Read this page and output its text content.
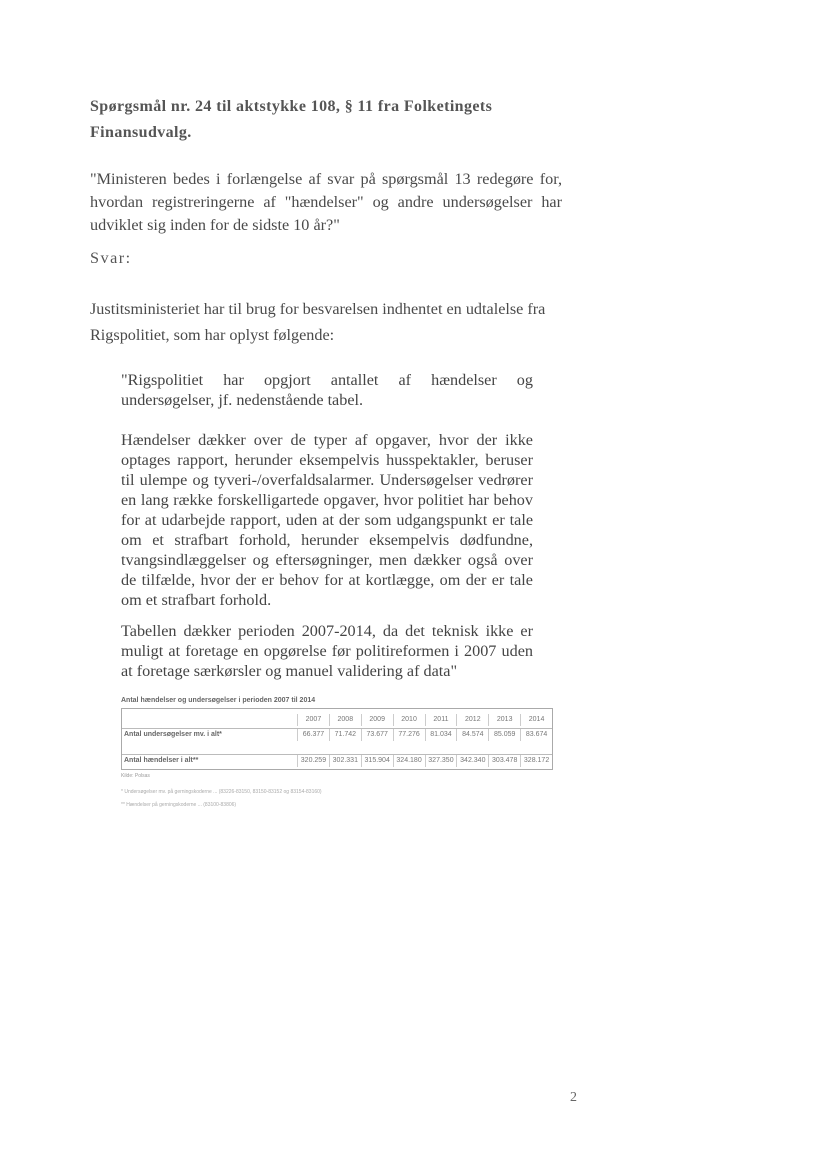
Spørgsmål nr. 24 til aktstykke 108, § 11 fra Folketingets Finansudvalg.
"Ministeren bedes i forlængelse af svar på spørgsmål 13 redegøre for, hvordan registreringerne af "hændelser" og andre undersøgelser har udviklet sig inden for de sidste 10 år?"
Svar:
Justitsministeriet har til brug for besvarelsen indhentet en udtalelse fra Rigspolitiet, som har oplyst følgende:
"Rigspolitiet har opgjort antallet af hændelser og undersøgelser, jf. nedenstående tabel.
Hændelser dækker over de typer af opgaver, hvor der ikke optages rapport, herunder eksempelvis husspektakler, beruser til ulempe og tyveri-/overfaldsalarmer. Undersøgelser vedrører en lang række forskelligartede opgaver, hvor politiet har behov for at udarbejde rapport, uden at der som udgangspunkt er tale om et strafbart forhold, herunder eksempelvis dødfundne, tvangsindlæggelser og eftersøgninger, men dækker også over de tilfælde, hvor der er behov for at kortlægge, om der er tale om et strafbart forhold.
Tabellen dækker perioden 2007-2014, da det teknisk ikke er muligt at foretage en opgørelse før politireformen i 2007 uden at foretage særkørsler og manuel validering af data"
Antal hændelser og undersøgelser i perioden 2007 til 2014
2007	2008	2009	2010	2011	2012	2013	2014
Antal undersøgelser mv. i alt*	66.377	71.742	73.677	77.276	81.034	84.574	85.059	83.674
Antal hændelser i alt**	320.259 302.331 315.904 324.180 327.350 342.340 303.478 328.172
Kilde: Polsas
* Undersøgelser mv. på gerningskoderne ... (83226-83150, 83150-83152 og 83154-83160)
** Hændelser på gerningskoderne ... (83100-83806)
2
